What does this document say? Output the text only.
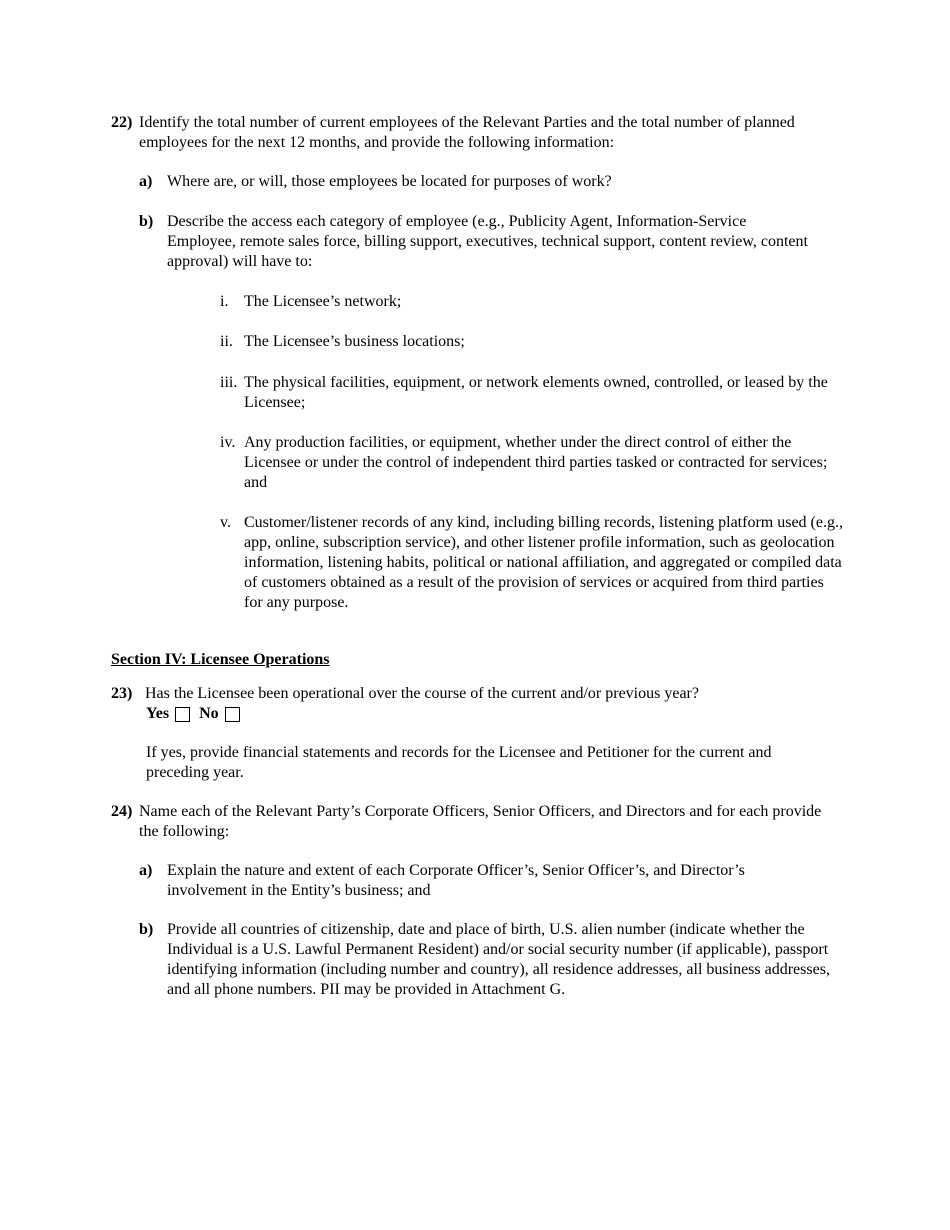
22) Identify the total number of current employees of the Relevant Parties and the total number of planned employees for the next 12 months, and provide the following information:
a) Where are, or will, those employees be located for purposes of work?
b) Describe the access each category of employee (e.g., Publicity Agent, Information-Service Employee, remote sales force, billing support, executives, technical support, content review, content approval) will have to:
i. The Licensee’s network;
ii. The Licensee’s business locations;
iii. The physical facilities, equipment, or network elements owned, controlled, or leased by the Licensee;
iv. Any production facilities, or equipment, whether under the direct control of either the Licensee or under the control of independent third parties tasked or contracted for services; and
v. Customer/listener records of any kind, including billing records, listening platform used (e.g., app, online, subscription service), and other listener profile information, such as geolocation information, listening habits, political or national affiliation, and aggregated or compiled data of customers obtained as a result of the provision of services or acquired from third parties for any purpose.
Section IV: Licensee Operations
23) Has the Licensee been operational over the course of the current and/or previous year?
Yes No
If yes, provide financial statements and records for the Licensee and Petitioner for the current and preceding year.
24) Name each of the Relevant Party’s Corporate Officers, Senior Officers, and Directors and for each provide the following:
a) Explain the nature and extent of each Corporate Officer’s, Senior Officer’s, and Director’s involvement in the Entity’s business; and
b) Provide all countries of citizenship, date and place of birth, U.S. alien number (indicate whether the Individual is a U.S. Lawful Permanent Resident) and/or social security number (if applicable), passport identifying information (including number and country), all residence addresses, all business addresses, and all phone numbers. PII may be provided in Attachment G.
